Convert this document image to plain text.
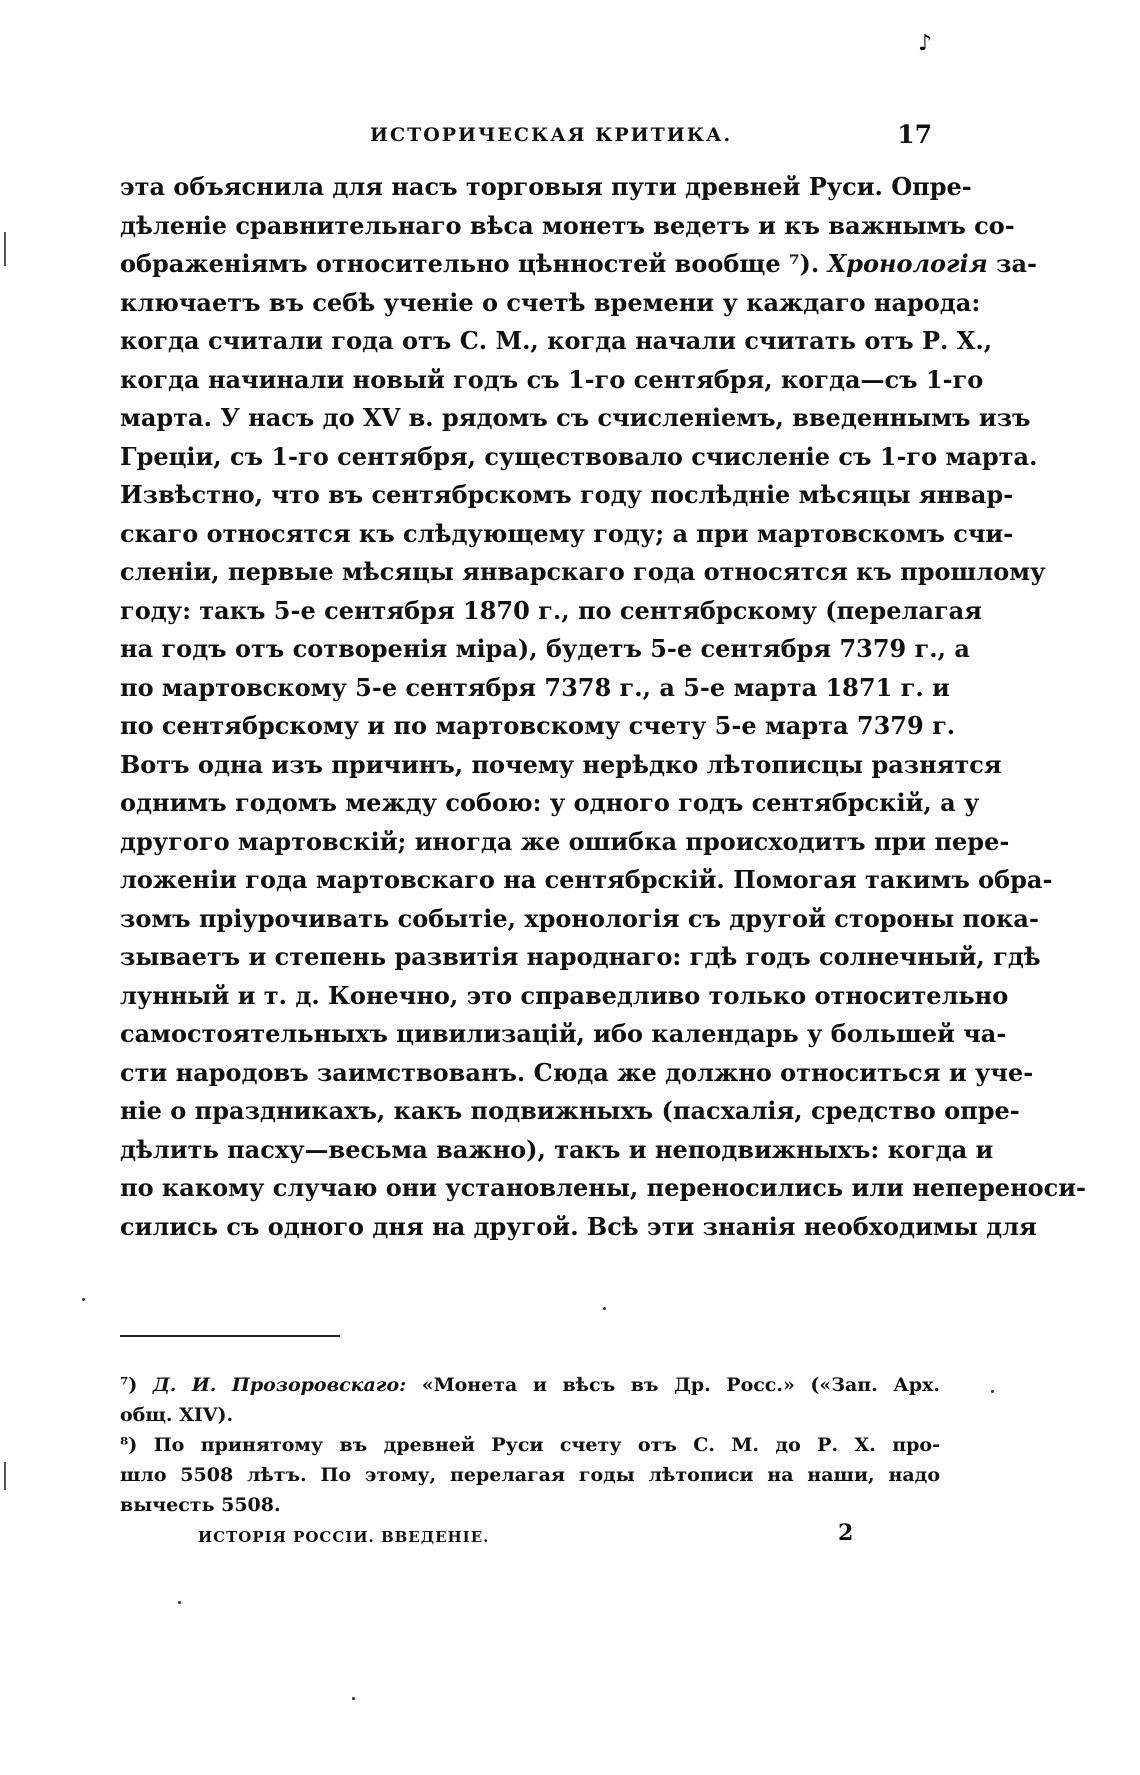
♪
ИСТОРИЧЕСКАЯ КРИТИКА.	17
эта объяснила для насъ торговыя пути древней Руси. Опре-
дѣленіе сравнительнаго вѣса монетъ ведетъ и къ важнымъ со-
ображеніямъ относительно цѣнностей вообще ⁷). Хронологія за-
ключаетъ въ себѣ ученіе о счетѣ времени у каждаго народа:
когда считали года отъ С. М., когда начали считать отъ Р. Х.,
когда начинали новый годъ съ 1-го сентября, когда—съ 1-го
марта. У насъ до XV в. рядомъ съ счисленіемъ, введеннымъ изъ
Греціи, съ 1-го сентября, существовало счисленіе съ 1-го марта.
Извѣстно, что въ сентябрскомъ году послѣдніе мѣсяцы январ-
скаго относятся къ слѣдующему году; а при мартовскомъ счи-
сленіи, первые мѣсяцы январскаго года относятся къ прошлому
году: такъ 5-е сентября 1870 г., по сентябрскому (перелагая
на годъ отъ сотворенія міра), будетъ 5-е сентября 7379 г., а
по мартовскому 5-е сентября 7378 г., а 5-е марта 1871 г. и
по сентябрскому и по мартовскому счету 5-е марта 7379 г.
Вотъ одна изъ причинъ, почему нерѣдко лѣтописцы разнятся
однимъ годомъ между собою: у одного годъ сентябрскій, а у
другого мартовскій; иногда же ошибка происходитъ при пере-
ложеніи года мартовскаго на сентябрскій. Помогая такимъ обра-
зомъ пріурочивать событіе, хронологія съ другой стороны пока-
зываетъ и степень развитія народнаго: гдѣ годъ солнечный, гдѣ
лунный и т. д. Конечно, это справедливо только относительно
самостоятельныхъ цивилизацій, ибо календарь у большей ча-
сти народовъ заимствованъ. Сюда же должно относиться и уче-
ніе о праздникахъ, какъ подвижныхъ (пасхалія, средство опре-
дѣлить пасху—весьма важно), такъ и неподвижныхъ: когда и
по какому случаю они установлены, переносились или непереноси-
сились съ одного дня на другой. Всѣ эти знанія необходимы для
⁷) Д. И. Прозоровскаго: «Монета и вѣсъ въ Др. Росс.» («Зап. Арх.
общ. XIV).
⁸) По принятому въ древней Руси счету отъ С. М. до Р. Х. про-
шло 5508 лѣтъ. По этому, перелагая годы лѣтописи на наши, надо
вычесть 5508.
ИСТОРІЯ РОССІИ. ВВЕДЕНІЕ.	2
